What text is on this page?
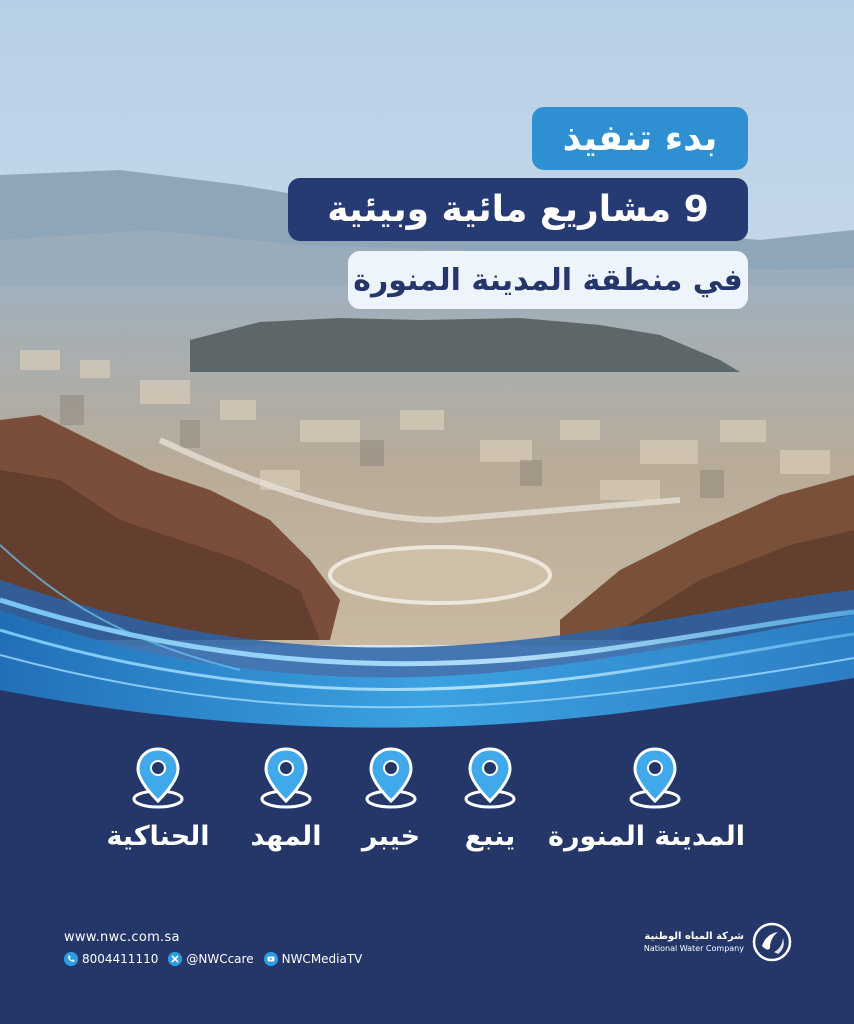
بدء تنفيذ
9 مشاريع مائية وبيئية
في منطقة المدينة المنورة
المدينة المنورة
ينبع
خيبر
المهد
الحناكية
www.nwc.com.sa
8004411110 @NWCcare NWCMediaTV
شركة المياه الوطنية
National Water Company
